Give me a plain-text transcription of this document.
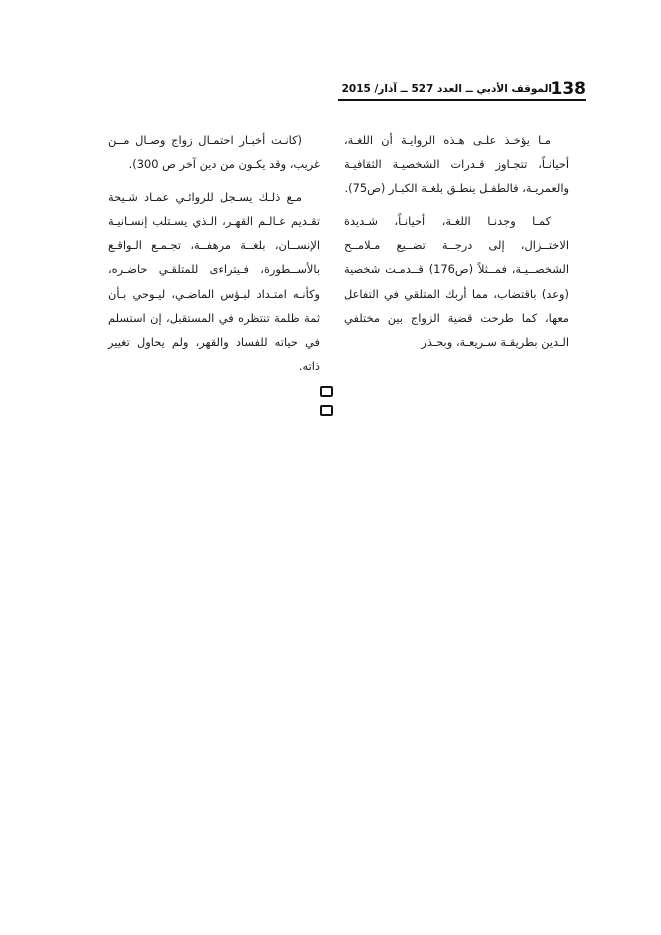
138
الموقف الأدبي ــ العدد 527 ــ آذار/ 2015

مـا يؤخـذ علـى هـذه الروايـة أن اللغـة، أحيانـاً، تتجـاوز قـدرات الشخصيـة الثقافيـة والعمريـة، فالطفـل ينطـق بلغـة الكبـار (ص75).

كمـا وجدنـا اللغـة، أحيانـاً، شـديدة الاختــزال، إلى درجــة تضــيع مـلامــح الشخصــيـة، فمــثلاً (ص176) قــدمـت شخصية (وعد) باقتضاب، مما أربك المتلقي في التفاعل معها، كما طرحت قضية الزواج بين مختلفي الـدين بطريقـة سـريعـة، وبحـذر

(كانـت أخبـار احتمـال زواج وصـال مــن غريب، وقد يكـون من دين آخر ص 300).

مـع ذلـك يسـجل للروائـي عمـاد شـيحة تقـديم عـالـم القهـر، الـذي يسـتلب إنسـانيـة الإنســان، بلغــة مرهفــة، تجـمـع الـواقـع بالأســطورة، فـيتراءى للمتلقـي حاضـره، وكأنـه امتـداد لبـؤس الماضـي، ليـوحي بـأن ثمة ظلمة تنتظره في المستقبل، إن استسلم في حياته للفساد والقهر، ولم يحاول تغيير ذاته.
